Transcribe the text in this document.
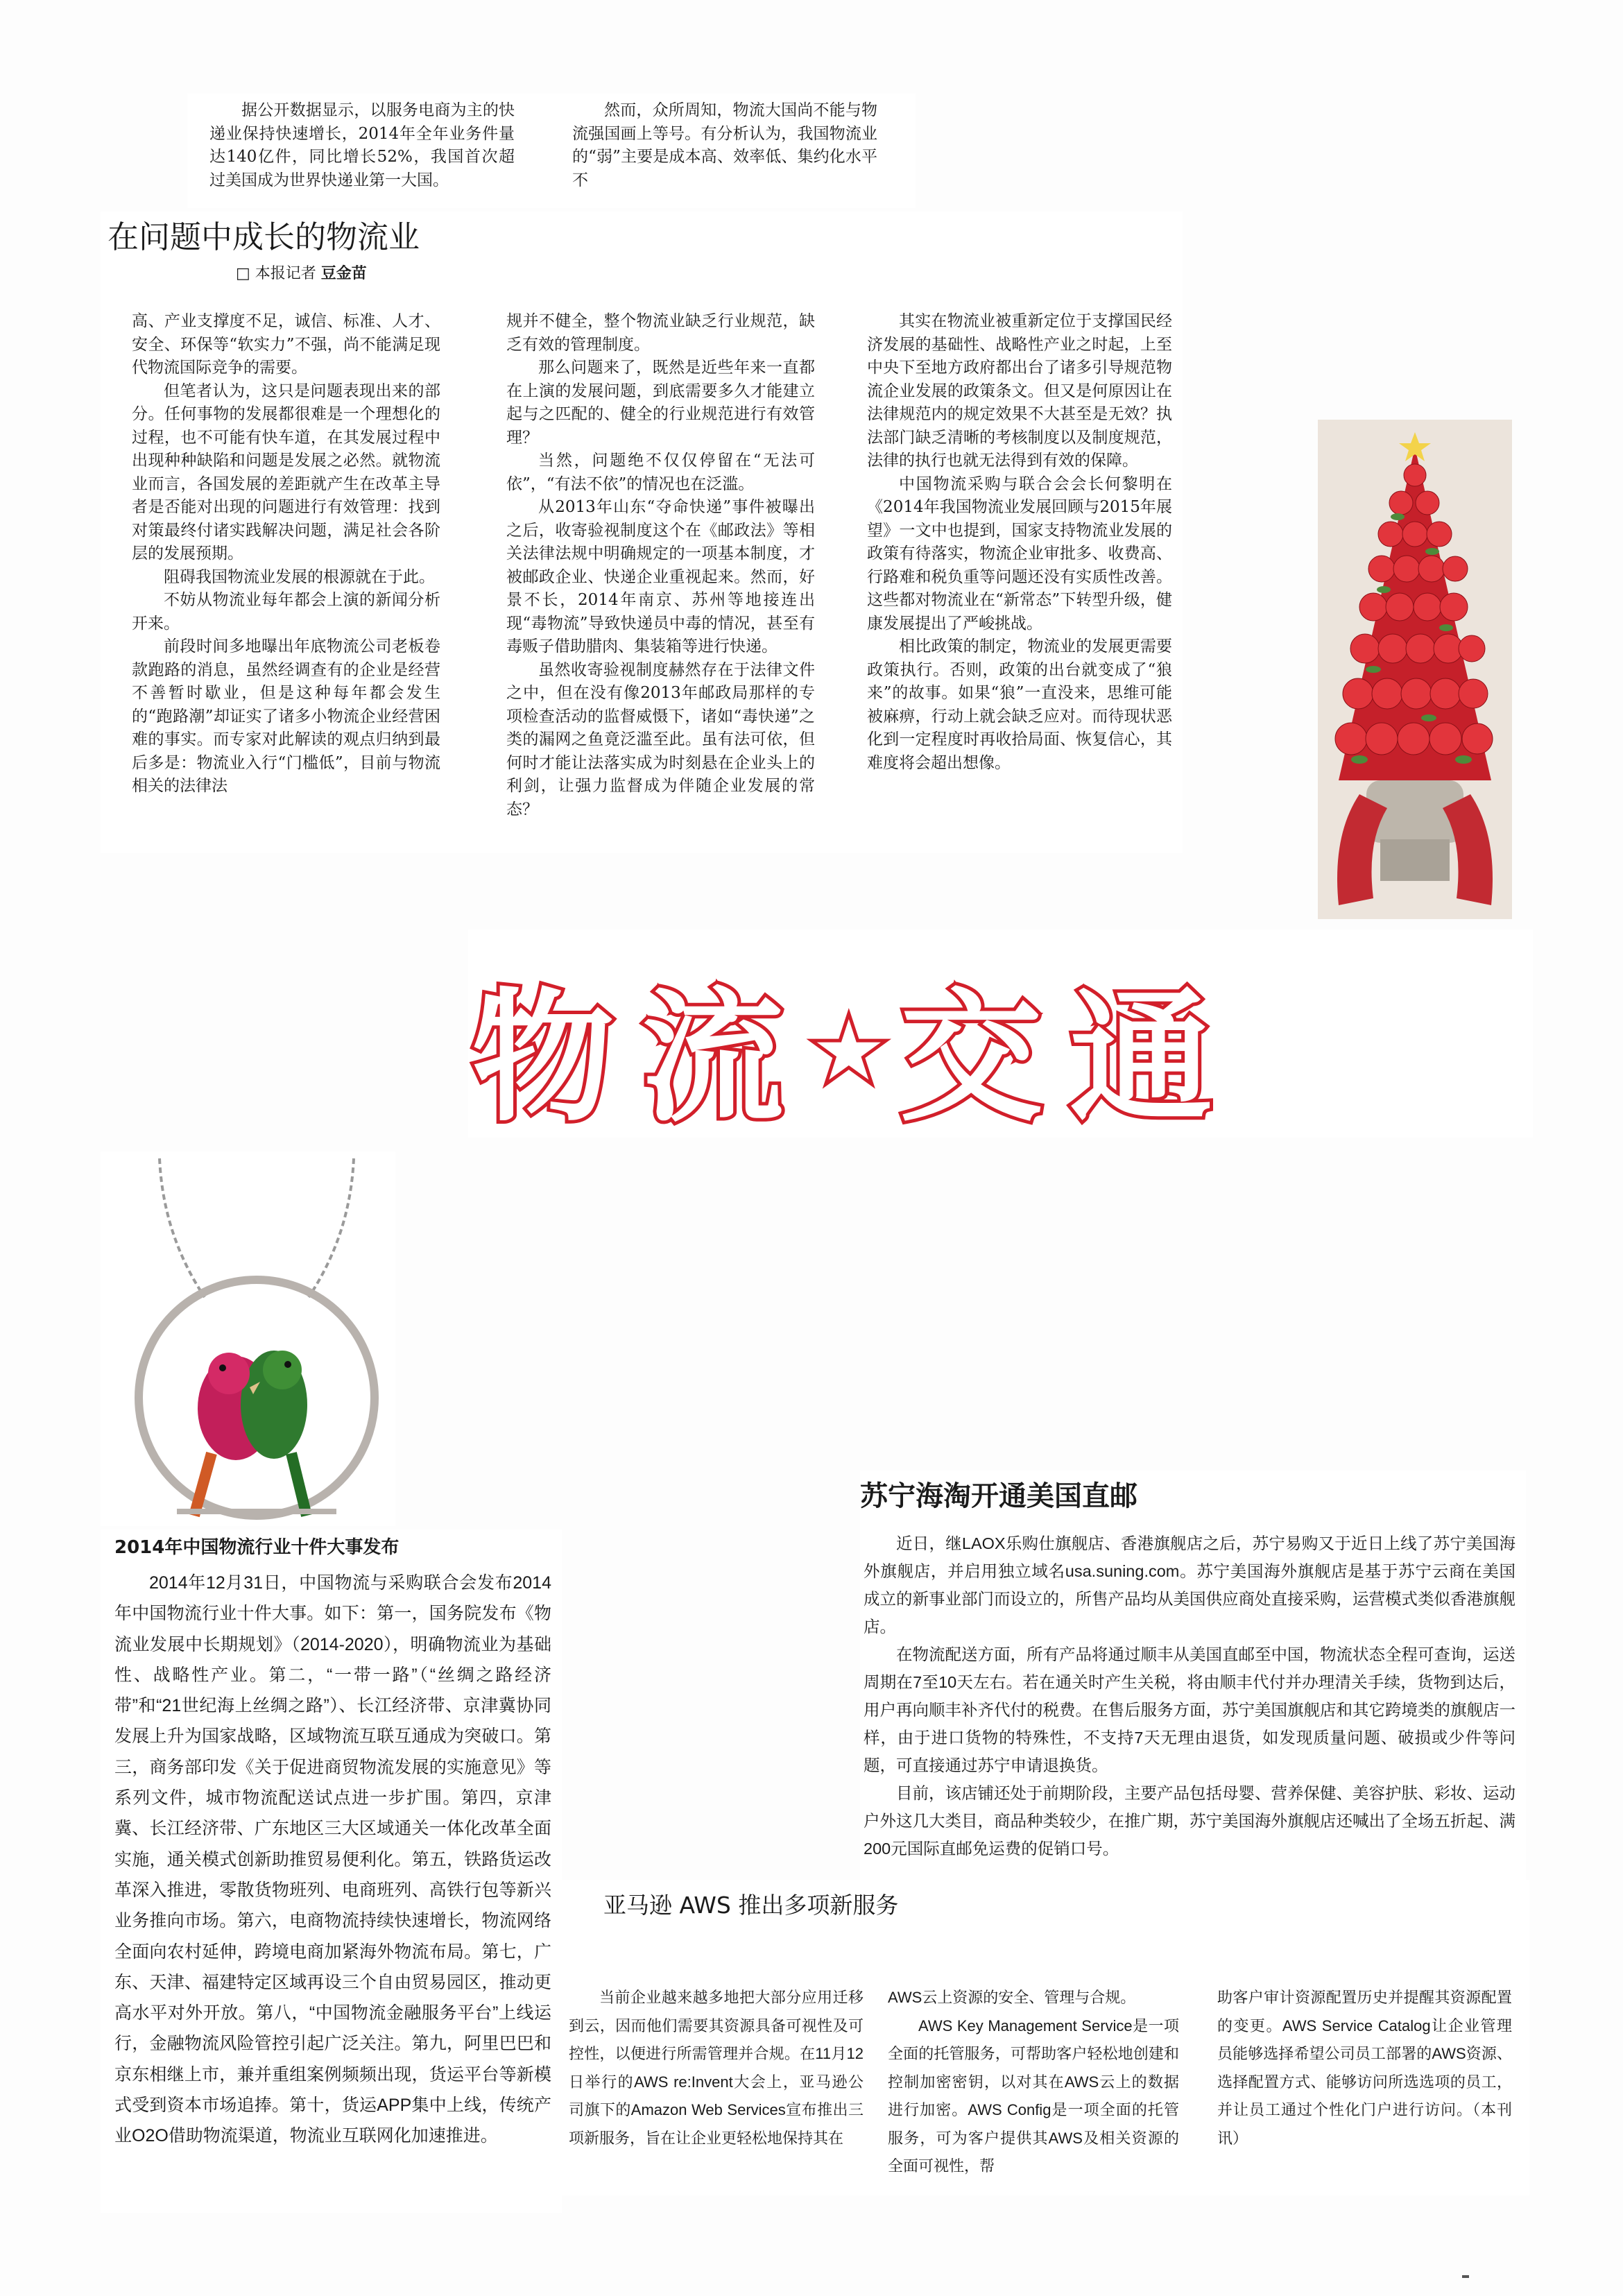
据公开数据显示，以服务电商为主的快递业保持快速增长，2014年全年业务件量达140亿件，同比增长52%，我国首次超过美国成为世界快递业第一大国。

然而，众所周知，物流大国尚不能与物流强国画上等号。有分析认为，我国物流业的“弱”主要是成本高、效率低、集约化水平不

在问题中成长的物流业
□ 本报记者 豆金苗

高、产业支撑度不足，诚信、标准、人才、安全、环保等“软实力”不强，尚不能满足现代物流国际竞争的需要。

但笔者认为，这只是问题表现出来的部分。任何事物的发展都很难是一个理想化的过程，也不可能有快车道，在其发展过程中出现种种缺陷和问题是发展之必然。就物流业而言，各国发展的差距就产生在改革主导者是否能对出现的问题进行有效管理：找到对策最终付诸实践解决问题，满足社会各阶层的发展预期。

阻碍我国物流业发展的根源就在于此。

不妨从物流业每年都会上演的新闻分析开来。

前段时间多地曝出年底物流公司老板卷款跑路的消息，虽然经调查有的企业是经营不善暂时歇业，但是这种每年都会发生的“跑路潮”却证实了诸多小物流企业经营困难的事实。而专家对此解读的观点归纳到最后多是：物流业入行“门槛低”，目前与物流相关的法律法

规并不健全，整个物流业缺乏行业规范，缺乏有效的管理制度。

那么问题来了，既然是近些年来一直都在上演的发展问题，到底需要多久才能建立起与之匹配的、健全的行业规范进行有效管理？

当然，问题绝不仅仅停留在“无法可依”，“有法不依”的情况也在泛滥。

从2013年山东“夺命快递”事件被曝出之后，收寄验视制度这个在《邮政法》等相关法律法规中明确规定的一项基本制度，才被邮政企业、快递企业重视起来。然而，好景不长，2014年南京、苏州等地接连出现“毒物流”导致快递员中毒的情况，甚至有毒贩子借助腊肉、集装箱等进行快递。

虽然收寄验视制度赫然存在于法律文件之中，但在没有像2013年邮政局那样的专项检查活动的监督威慑下，诸如“毒快递”之类的漏网之鱼竟泛滥至此。虽有法可依，但何时才能让法落实成为时刻悬在企业头上的利剑，让强力监督成为伴随企业发展的常态？

其实在物流业被重新定位于支撑国民经济发展的基础性、战略性产业之时起，上至中央下至地方政府都出台了诸多引导规范物流企业发展的政策条文。但又是何原因让在法律规范内的规定效果不大甚至是无效？执法部门缺乏清晰的考核制度以及制度规范，法律的执行也就无法得到有效的保障。

中国物流采购与联合会会长何黎明在《2014年我国物流业发展回顾与2015年展望》一文中也提到，国家支持物流业发展的政策有待落实，物流企业审批多、收费高、行路难和税负重等问题还没有实质性改善。这些都对物流业在“新常态”下转型升级，健康发展提出了严峻挑战。

相比政策的制定，物流业的发展更需要政策执行。否则，政策的出台就变成了“狼来”的故事。如果“狼”一直没来，思维可能被麻痹，行动上就会缺乏应对。而待现状恶化到一定程度时再收拾局面、恢复信心，其难度将会超出想像。

物流★交通
2014年中国物流行业十件大事发布

2014年12月31日，中国物流与采购联合会发布2014年中国物流行业十件大事。如下：第一，国务院发布《物流业发展中长期规划》（2014-2020），明确物流业为基础性、战略性产业。第二，“一带一路”（“丝绸之路经济带”和“21世纪海上丝绸之路”）、长江经济带、京津冀协同发展上升为国家战略，区域物流互联互通成为突破口。第三，商务部印发《关于促进商贸物流发展的实施意见》等系列文件，城市物流配送试点进一步扩围。第四，京津冀、长江经济带、广东地区三大区域通关一体化改革全面实施，通关模式创新助推贸易便利化。第五，铁路货运改革深入推进，零散货物班列、电商班列、高铁行包等新兴业务推向市场。第六，电商物流持续快速增长，物流网络全面向农村延伸，跨境电商加紧海外物流布局。第七，广东、天津、福建特定区域再设三个自由贸易园区，推动更高水平对外开放。第八，“中国物流金融服务平台”上线运行，金融物流风险管控引起广泛关注。第九，阿里巴巴和京东相继上市，兼并重组案例频频出现，货运平台等新模式受到资本市场追捧。第十，货运APP集中上线，传统产业O2O借助物流渠道，物流业互联网化加速推进。

苏宁海淘开通美国直邮

近日，继LAOX乐购仕旗舰店、香港旗舰店之后，苏宁易购又于近日上线了苏宁美国海外旗舰店，并启用独立域名usa.suning.com。苏宁美国海外旗舰店是基于苏宁云商在美国成立的新事业部门而设立的，所售产品均从美国供应商处直接采购，运营模式类似香港旗舰店。

在物流配送方面，所有产品将通过顺丰从美国直邮至中国，物流状态全程可查询，运送周期在7至10天左右。若在通关时产生关税，将由顺丰代付并办理清关手续，货物到达后，用户再向顺丰补齐代付的税费。在售后服务方面，苏宁美国旗舰店和其它跨境类的旗舰店一样，由于进口货物的特殊性，不支持7天无理由退货，如发现质量问题、破损或少件等问题，可直接通过苏宁申请退换货。

目前，该店铺还处于前期阶段，主要产品包括母婴、营养保健、美容护肤、彩妆、运动户外这几大类目，商品种类较少，在推广期，苏宁美国海外旗舰店还喊出了全场五折起、满200元国际直邮免运费的促销口号。

亚马逊 AWS 推出多项新服务

当前企业越来越多地把大部分应用迁移到云，因而他们需要其资源具备可视性及可控性，以便进行所需管理并合规。在11月12日举行的AWS re:Invent大会上，亚马逊公司旗下的Amazon Web Services宣布推出三项新服务，旨在让企业更轻松地保持其在

AWS云上资源的安全、管理与合规。

AWS Key Management Service是一项全面的托管服务，可帮助客户轻松地创建和控制加密密钥，以对其在AWS云上的数据进行加密。AWS Config是一项全面的托管服务，可为客户提供其AWS及相关资源的全面可视性，帮

助客户审计资源配置历史并提醒其资源配置的变更。AWS Service Catalog让企业管理员能够选择希望公司员工部署的AWS资源、选择配置方式、能够访问所选选项的员工，并让员工通过个性化门户进行访问。（本刊讯）
